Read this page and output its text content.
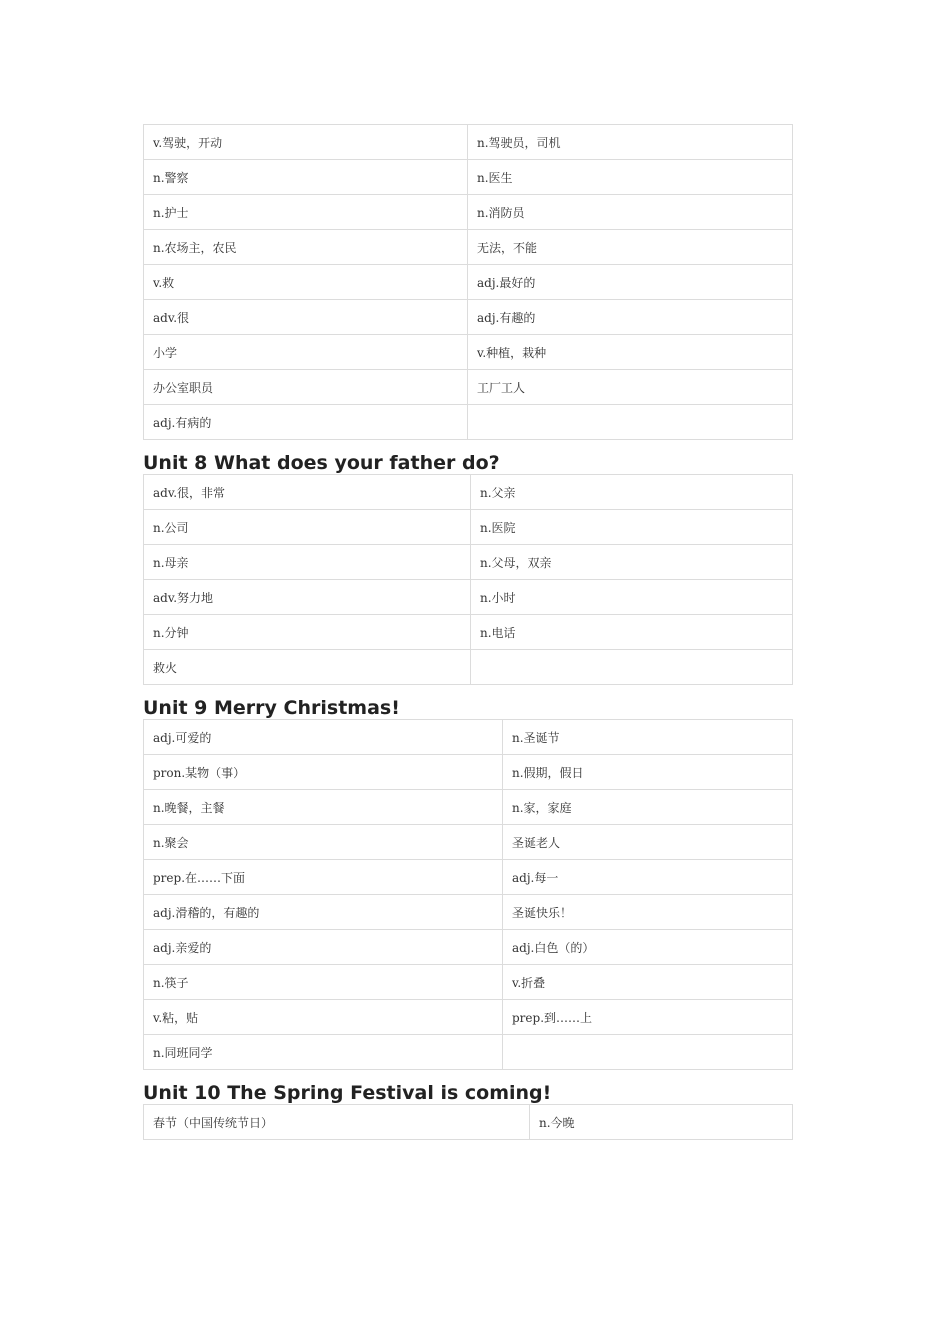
v.驾驶，开动	n.驾驶员，司机
n.警察	n.医生
n.护士	n.消防员
n.农场主，农民	无法，不能
v.救	adj.最好的
adv.很	adj.有趣的
小学	v.种植，栽种
办公室职员	工厂工人
adj.有病的	
Unit 8 What does your father do?
adv.很，非常	n.父亲
n.公司	n.医院
n.母亲	n.父母，双亲
adv.努力地	n.小时
n.分钟	n.电话
救火	
Unit 9 Merry Christmas!
adj.可爱的	n.圣诞节
pron.某物（事）	n.假期，假日
n.晚餐，主餐	n.家，家庭
n.聚会	圣诞老人
prep.在……下面	adj.每一
adj.滑稽的，有趣的	圣诞快乐！
adj.亲爱的	adj.白色（的）
n.筷子	v.折叠
v.粘，贴	prep.到……上
n.同班同学	
Unit 10 The Spring Festival is coming!
春节（中国传统节日）	n.今晚
